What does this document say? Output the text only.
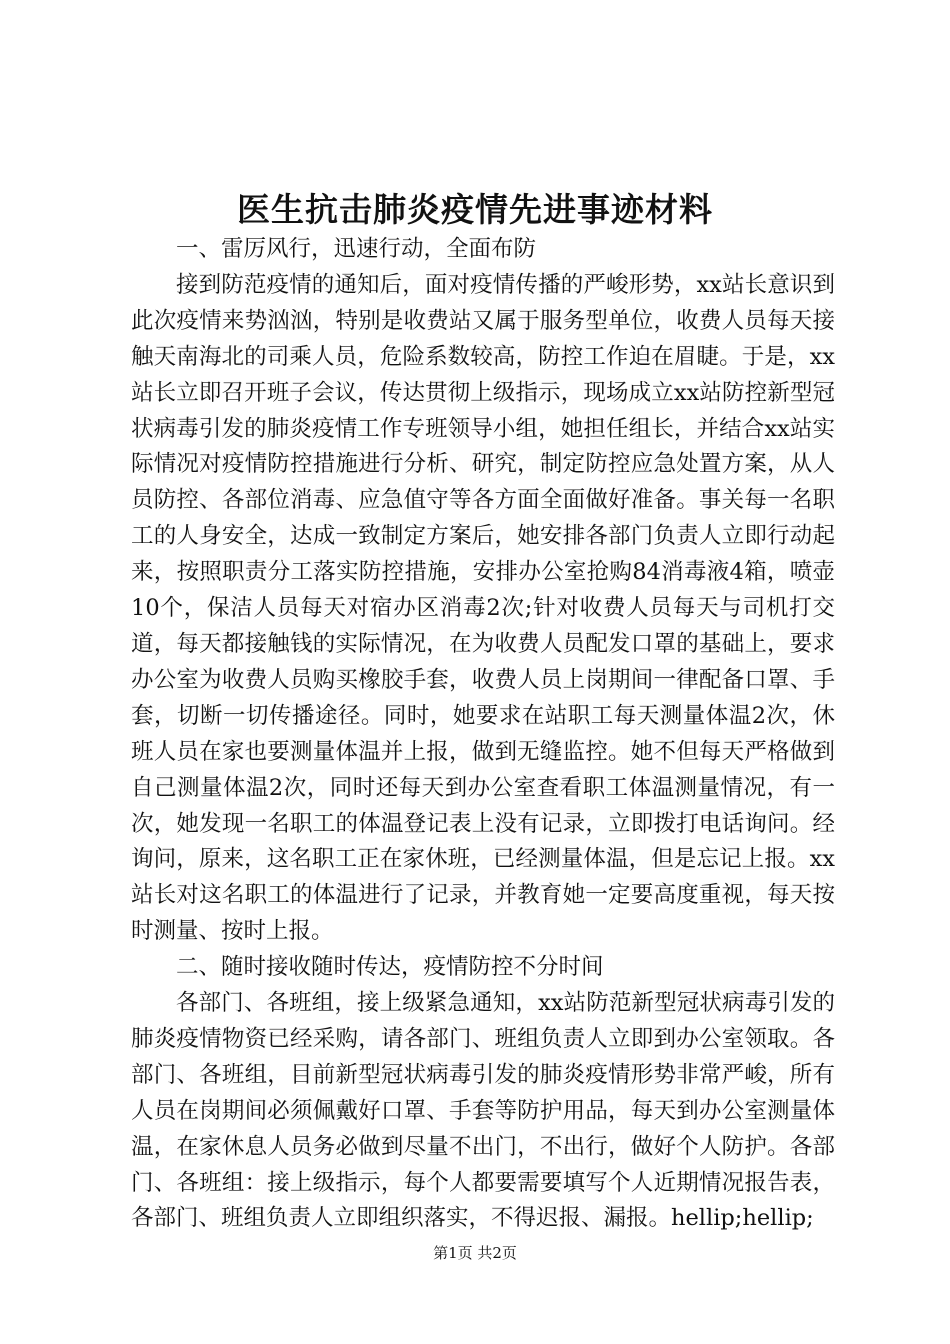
医生抗击肺炎疫情先进事迹材料

一、雷厉风行，迅速行动，全面布防

接到防范疫情的通知后，面对疫情传播的严峻形势，xx站长意识到此次疫情来势汹汹，特别是收费站又属于服务型单位，收费人员每天接触天南海北的司乘人员，危险系数较高，防控工作迫在眉睫。于是，xx站长立即召开班子会议，传达贯彻上级指示，现场成立xx站防控新型冠状病毒引发的肺炎疫情工作专班领导小组，她担任组长，并结合xx站实际情况对疫情防控措施进行分析、研究，制定防控应急处置方案，从人员防控、各部位消毒、应急值守等各方面全面做好准备。事关每一名职工的人身安全，达成一致制定方案后，她安排各部门负责人立即行动起来，按照职责分工落实防控措施，安排办公室抢购84消毒液4箱，喷壶10个，保洁人员每天对宿办区消毒2次;针对收费人员每天与司机打交道，每天都接触钱的实际情况，在为收费人员配发口罩的基础上，要求办公室为收费人员购买橡胶手套，收费人员上岗期间一律配备口罩、手套，切断一切传播途径。同时，她要求在站职工每天测量体温2次，休班人员在家也要测量体温并上报，做到无缝监控。她不但每天严格做到自己测量体温2次，同时还每天到办公室查看职工体温测量情况，有一次，她发现一名职工的体温登记表上没有记录，立即拨打电话询问。经询问，原来，这名职工正在家休班，已经测量体温，但是忘记上报。xx站长对这名职工的体温进行了记录，并教育她一定要高度重视，每天按时测量、按时上报。

二、随时接收随时传达，疫情防控不分时间

各部门、各班组，接上级紧急通知，xx站防范新型冠状病毒引发的肺炎疫情物资已经采购，请各部门、班组负责人立即到办公室领取。各部门、各班组，目前新型冠状病毒引发的肺炎疫情形势非常严峻，所有人员在岗期间必须佩戴好口罩、手套等防护用品，每天到办公室测量体温，在家休息人员务必做到尽量不出门，不出行，做好个人防护。各部门、各班组：接上级指示，每个人都要需要填写个人近期情况报告表，各部门、班组负责人立即组织落实，不得迟报、漏报。hellip;hellip;

第1页 共2页
